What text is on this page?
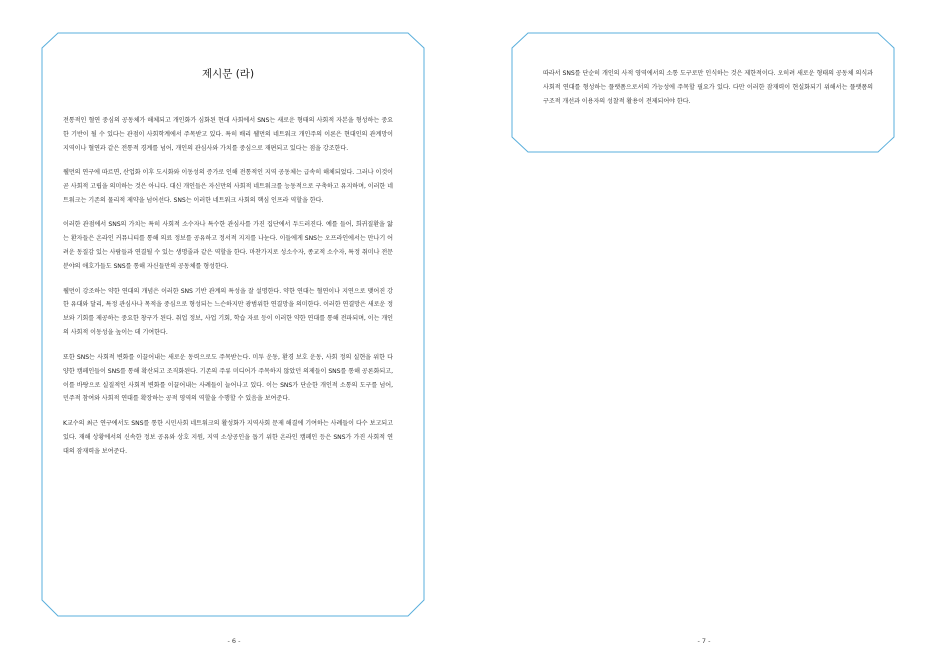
제시문 (라)

전통적인 혈연 중심의 공동체가 해체되고 개인화가 심화된 현대 사회에서 SNS는 새로운 형태의 사회적 자본을 형성하는 중요한 기반이 될 수 있다는 관점이 사회학계에서 주목받고 있다. 특히 배리 웰먼의 네트워크 개인주의 이론은 현대인의 관계망이 지역이나 혈연과 같은 전통적 경계를 넘어, 개인의 관심사와 가치를 중심으로 재편되고 있다는 점을 강조한다.

웰먼의 연구에 따르면, 산업화 이후 도시화와 이동성의 증가로 인해 전통적인 지역 공동체는 급속히 해체되었다. 그러나 이것이 곧 사회적 고립을 의미하는 것은 아니다. 대신 개인들은 자신만의 사회적 네트워크를 능동적으로 구축하고 유지하며, 이러한 네트워크는 기존의 물리적 제약을 넘어선다. SNS는 이러한 네트워크 사회의 핵심 인프라 역할을 한다.

이러한 관점에서 SNS의 가치는 특히 사회적 소수자나 특수한 관심사를 가진 집단에서 두드러진다. 예를 들어, 희귀질환을 앓는 환자들은 온라인 커뮤니티를 통해 의료 정보를 공유하고 정서적 지지를 나눈다. 이들에게 SNS는 오프라인에서는 만나기 어려운 동질감 있는 사람들과 연결될 수 있는 생명줄과 같은 역할을 한다. 마찬가지로 성소수자, 종교적 소수자, 특정 취미나 전문 분야의 애호가들도 SNS를 통해 자신들만의 공동체를 형성한다.

웰먼이 강조하는 약한 연대의 개념은 이러한 SNS 기반 관계의 특성을 잘 설명한다. 약한 연대는 혈연이나 지연으로 맺어진 강한 유대와 달리, 특정 관심사나 목적을 중심으로 형성되는 느슨하지만 광범위한 연결망을 의미한다. 이러한 연결망은 새로운 정보와 기회를 제공하는 중요한 창구가 된다. 취업 정보, 사업 기회, 학습 자료 등이 이러한 약한 연대를 통해 전파되며, 이는 개인의 사회적 이동성을 높이는 데 기여한다.

또한 SNS는 사회적 변화를 이끌어내는 새로운 동력으로도 주목받는다. 미투 운동, 환경 보호 운동, 사회 정의 실현을 위한 다양한 캠페인들이 SNS를 통해 확산되고 조직화된다. 기존의 주류 미디어가 주목하지 않았던 의제들이 SNS를 통해 공론화되고, 이를 바탕으로 실질적인 사회적 변화를 이끌어내는 사례들이 늘어나고 있다. 이는 SNS가 단순한 개인적 소통의 도구를 넘어, 민주적 참여와 사회적 연대를 확장하는 공적 영역의 역할을 수행할 수 있음을 보여준다.

K교수의 최근 연구에서도 SNS를 통한 시민사회 네트워크의 활성화가 지역사회 문제 해결에 기여하는 사례들이 다수 보고되고 있다. 재해 상황에서의 신속한 정보 공유와 상호 지원, 지역 소상공인을 돕기 위한 온라인 캠페인 등은 SNS가 가진 사회적 연대의 잠재력을 보여준다.

따라서 SNS를 단순히 개인의 사적 영역에서의 소통 도구로만 인식하는 것은 제한적이다. 오히려 새로운 형태의 공동체 의식과 사회적 연대를 형성하는 플랫폼으로서의 가능성에 주목할 필요가 있다. 다만 이러한 잠재력이 현실화되기 위해서는 플랫폼의 구조적 개선과 이용자의 성찰적 활용이 전제되어야 한다.

- 6 -	- 7 -
